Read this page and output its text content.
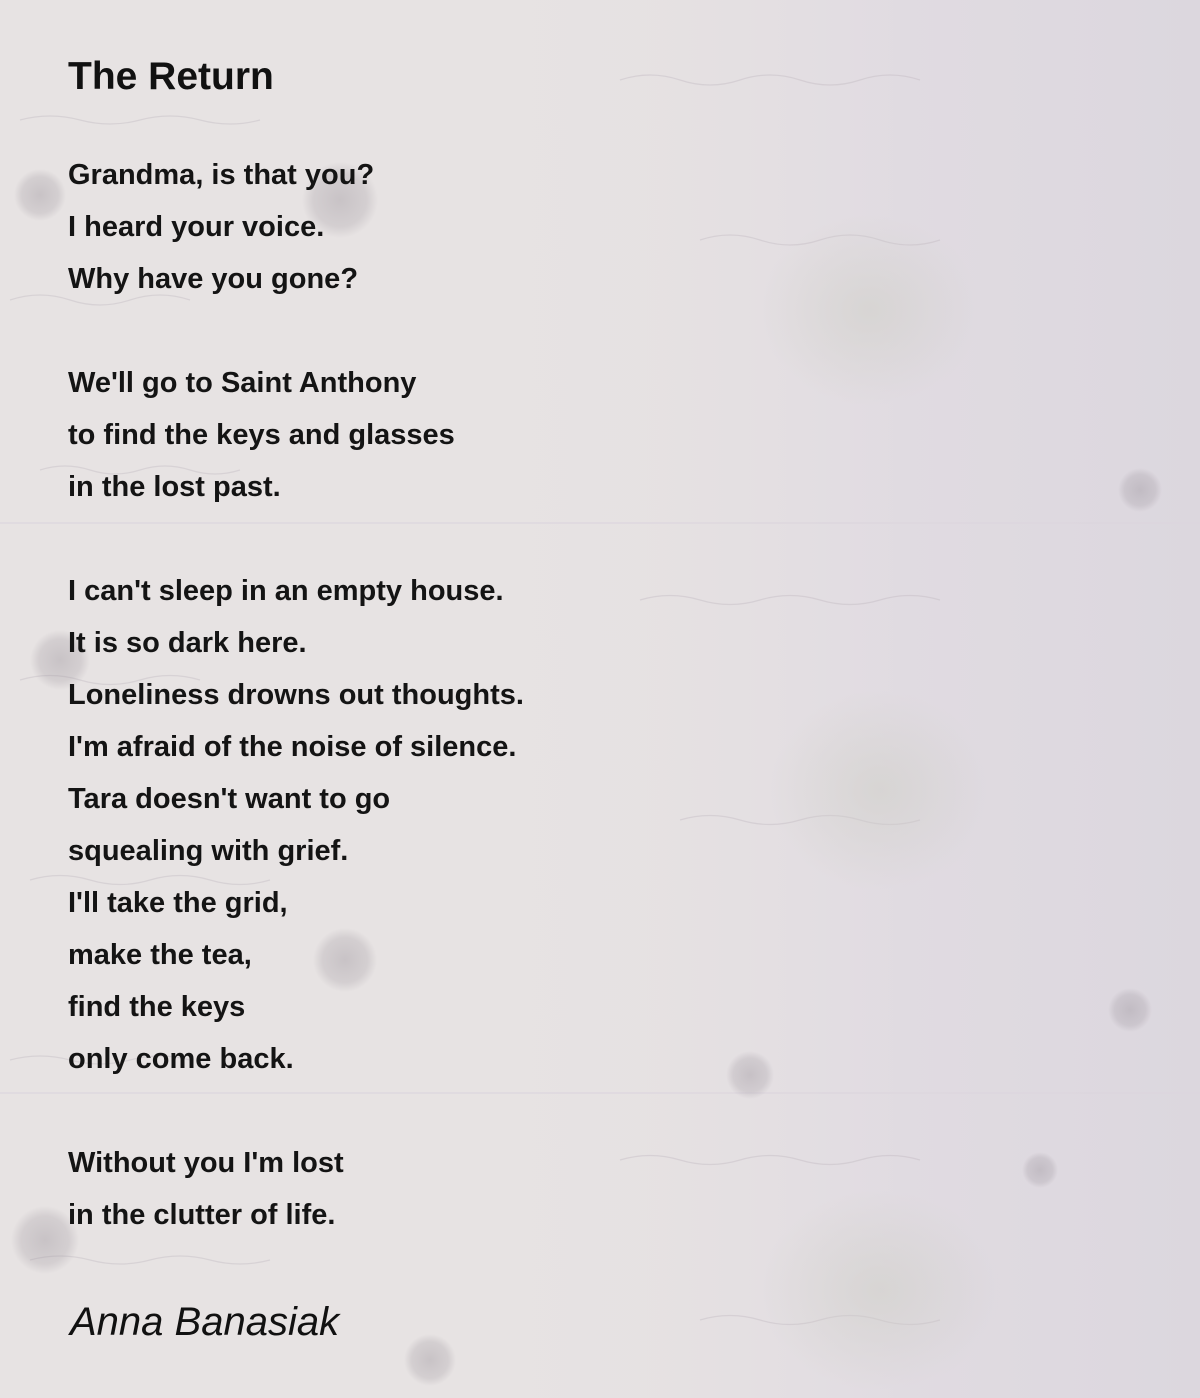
The Return
Grandma, is that you?
I heard your voice.
Why have you gone?
We'll go to Saint Anthony
to find the keys and glasses
in the lost past.
I can't sleep in an empty house.
It is so dark here.
Loneliness drowns out thoughts.
I'm afraid of the noise of silence.
Tara doesn't want to go
squealing with grief.
I'll take the grid,
make the tea,
find the keys
only come back.
Without you I'm lost
in the clutter of life.
Anna Banasiak
